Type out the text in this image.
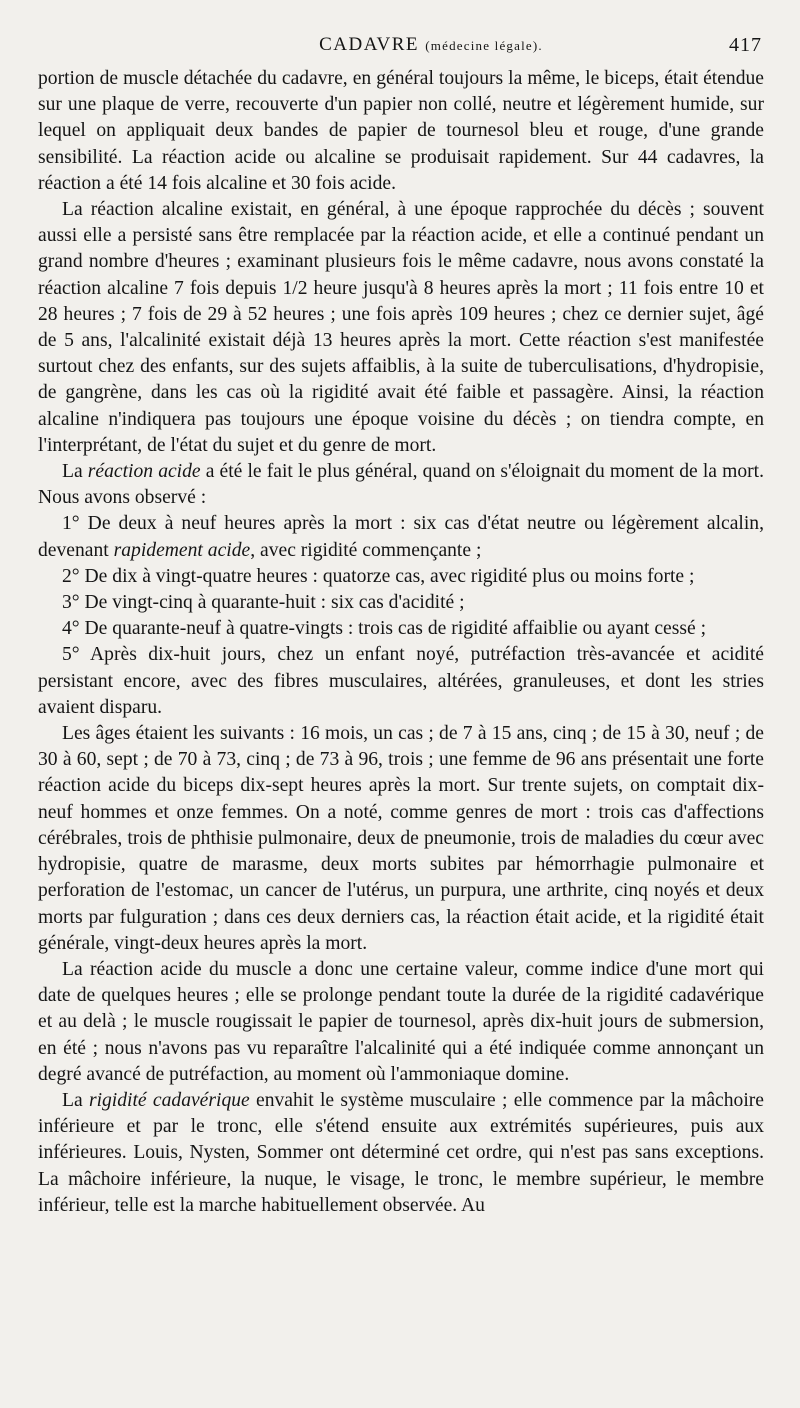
CADAVRE (médecine légale).	417

portion de muscle détachée du cadavre, en général toujours la même, le biceps, était étendue sur une plaque de verre, recouverte d'un papier non collé, neutre et légèrement humide, sur lequel on appliquait deux bandes de papier de tournesol bleu et rouge, d'une grande sensibilité. La réaction acide ou alcaline se produisait rapidement. Sur 44 cadavres, la réaction a été 14 fois alcaline et 30 fois acide.

La réaction alcaline existait, en général, à une époque rapprochée du décès ; souvent aussi elle a persisté sans être remplacée par la réaction acide, et elle a continué pendant un grand nombre d'heures ; examinant plusieurs fois le même cadavre, nous avons constaté la réaction alcaline 7 fois depuis 1/2 heure jusqu'à 8 heures après la mort ; 11 fois entre 10 et 28 heures ; 7 fois de 29 à 52 heures ; une fois après 109 heures ; chez ce dernier sujet, âgé de 5 ans, l'alcalinité existait déjà 13 heures après la mort. Cette réaction s'est manifestée surtout chez des enfants, sur des sujets affaiblis, à la suite de tuberculisations, d'hydropisie, de gangrène, dans les cas où la rigidité avait été faible et passagère. Ainsi, la réaction alcaline n'indiquera pas toujours une époque voisine du décès ; on tiendra compte, en l'interprétant, de l'état du sujet et du genre de mort.

La réaction acide a été le fait le plus général, quand on s'éloignait du moment de la mort. Nous avons observé :

1° De deux à neuf heures après la mort : six cas d'état neutre ou légèrement alcalin, devenant rapidement acide, avec rigidité commençante ;

2° De dix à vingt-quatre heures : quatorze cas, avec rigidité plus ou moins forte ;

3° De vingt-cinq à quarante-huit : six cas d'acidité ;

4° De quarante-neuf à quatre-vingts : trois cas de rigidité affaiblie ou ayant cessé ;

5° Après dix-huit jours, chez un enfant noyé, putréfaction très-avancée et acidité persistant encore, avec des fibres musculaires, altérées, granuleuses, et dont les stries avaient disparu.

Les âges étaient les suivants : 16 mois, un cas ; de 7 à 15 ans, cinq ; de 15 à 30, neuf ; de 30 à 60, sept ; de 70 à 73, cinq ; de 73 à 96, trois ; une femme de 96 ans présentait une forte réaction acide du biceps dix-sept heures après la mort. Sur trente sujets, on comptait dix-neuf hommes et onze femmes. On a noté, comme genres de mort : trois cas d'affections cérébrales, trois de phthisie pulmonaire, deux de pneumonie, trois de maladies du cœur avec hydropisie, quatre de marasme, deux morts subites par hémorrhagie pulmonaire et perforation de l'estomac, un cancer de l'utérus, un purpura, une arthrite, cinq noyés et deux morts par fulguration ; dans ces deux derniers cas, la réaction était acide, et la rigidité était générale, vingt-deux heures après la mort.

La réaction acide du muscle a donc une certaine valeur, comme indice d'une mort qui date de quelques heures ; elle se prolonge pendant toute la durée de la rigidité cadavérique et au delà ; le muscle rougissait le papier de tournesol, après dix-huit jours de submersion, en été ; nous n'avons pas vu reparaître l'alcalinité qui a été indiquée comme annonçant un degré avancé de putréfaction, au moment où l'ammoniaque domine.

La rigidité cadavérique envahit le système musculaire ; elle commence par la mâchoire inférieure et par le tronc, elle s'étend ensuite aux extrémités supérieures, puis aux inférieures. Louis, Nysten, Sommer ont déterminé cet ordre, qui n'est pas sans exceptions. La mâchoire inférieure, la nuque, le visage, le tronc, le membre supérieur, le membre inférieur, telle est la marche habituellement observée. Au
